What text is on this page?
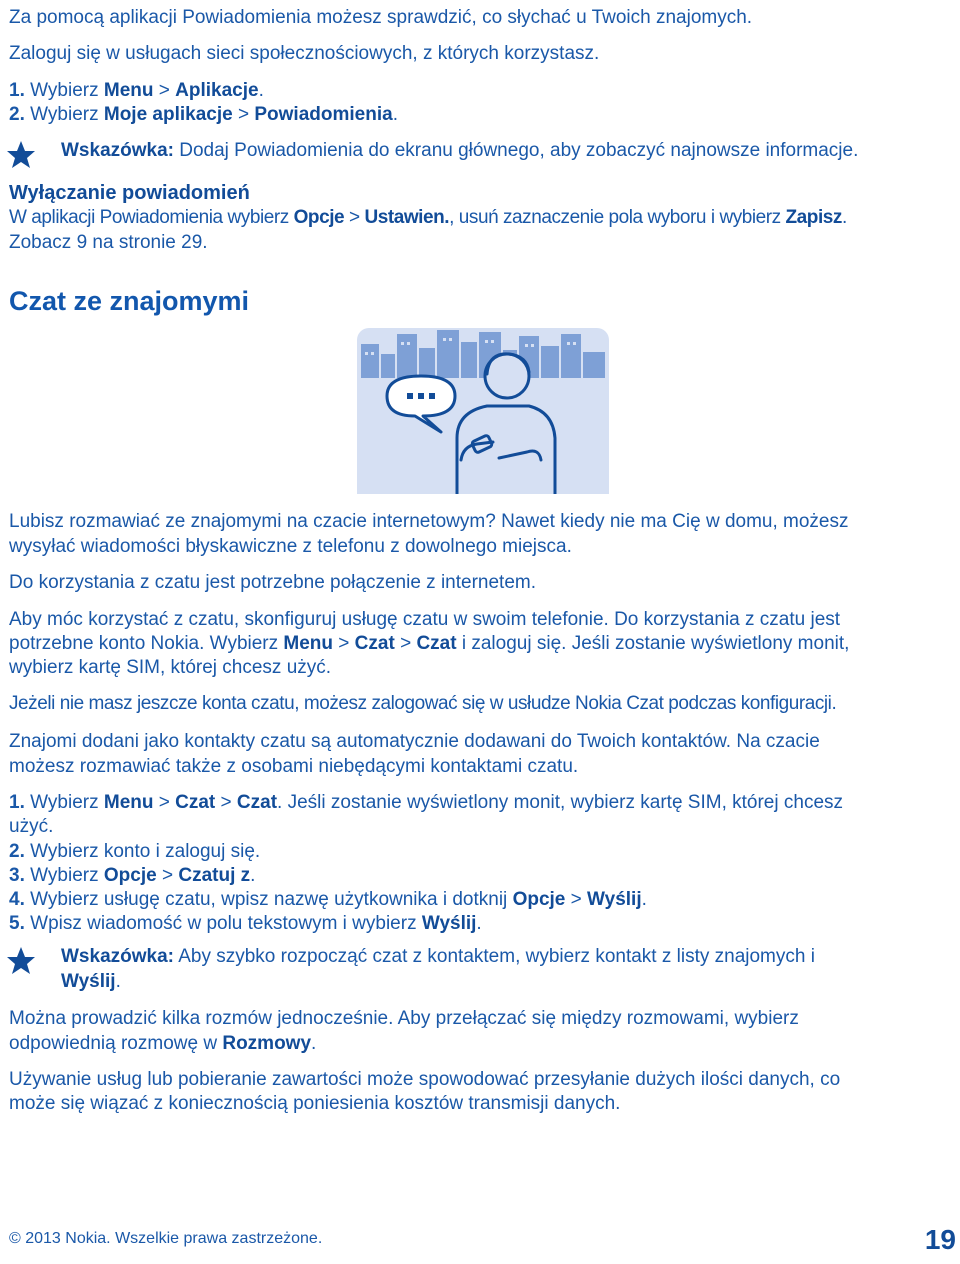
Za pomocą aplikacji Powiadomienia możesz sprawdzić, co słychać u Twoich znajomych.
Zaloguj się w usługach sieci społecznościowych, z których korzystasz.
1. Wybierz Menu > Aplikacje.
2. Wybierz Moje aplikacje > Powiadomienia.
Wskazówka: Dodaj Powiadomienia do ekranu głównego, aby zobaczyć najnowsze informacje.
Wyłączanie powiadomień
W aplikacji Powiadomienia wybierz Opcje > Ustawien., usuń zaznaczenie pola wyboru i wybierz Zapisz.
Zobacz 9 na stronie 29.
Czat ze znajomymi
Lubisz rozmawiać ze znajomymi na czacie internetowym? Nawet kiedy nie ma Cię w domu, możesz
wysyłać wiadomości błyskawiczne z telefonu z dowolnego miejsca.
Do korzystania z czatu jest potrzebne połączenie z internetem.
Aby móc korzystać z czatu, skonfiguruj usługę czatu w swoim telefonie. Do korzystania z czatu jest
potrzebne konto Nokia. Wybierz Menu > Czat > Czat i zaloguj się. Jeśli zostanie wyświetlony monit,
wybierz kartę SIM, której chcesz użyć.
Jeżeli nie masz jeszcze konta czatu, możesz zalogować się w usłudze Nokia Czat podczas konfiguracji.
Znajomi dodani jako kontakty czatu są automatycznie dodawani do Twoich kontaktów. Na czacie
możesz rozmawiać także z osobami niebędącymi kontaktami czatu.
1. Wybierz Menu > Czat > Czat. Jeśli zostanie wyświetlony monit, wybierz kartę SIM, której chcesz
użyć.
2. Wybierz konto i zaloguj się.
3. Wybierz Opcje > Czatuj z.
4. Wybierz usługę czatu, wpisz nazwę użytkownika i dotknij Opcje > Wyślij.
5. Wpisz wiadomość w polu tekstowym i wybierz Wyślij.
Wskazówka: Aby szybko rozpocząć czat z kontaktem, wybierz kontakt z listy znajomych i
Wyślij.
Można prowadzić kilka rozmów jednocześnie. Aby przełączać się między rozmowami, wybierz
odpowiednią rozmowę w Rozmowy.
Używanie usług lub pobieranie zawartości może spowodować przesyłanie dużych ilości danych, co
może się wiązać z koniecznością poniesienia kosztów transmisji danych.
© 2013 Nokia. Wszelkie prawa zastrzeżone.	19
